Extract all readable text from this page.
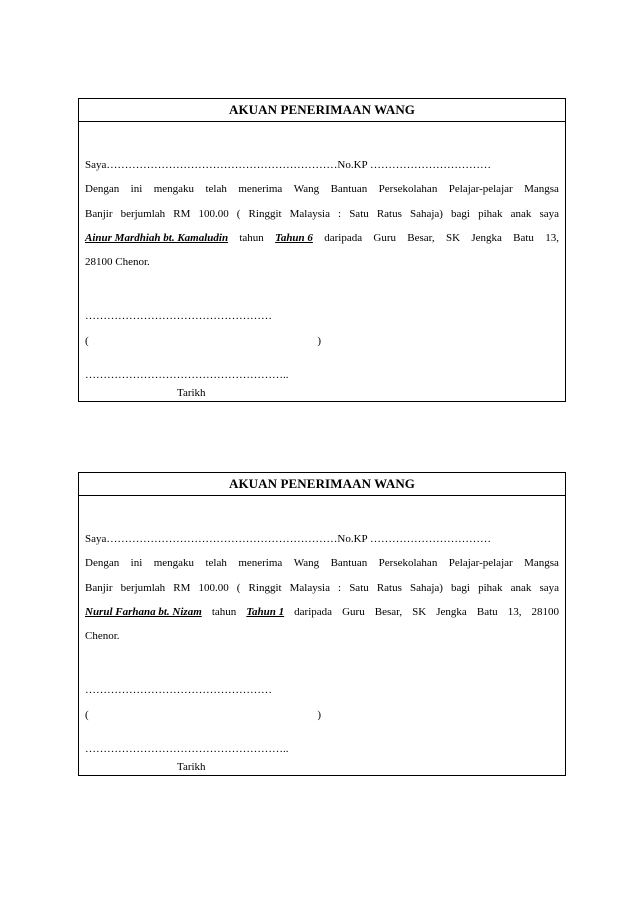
AKUAN PENERIMAAN WANG
Saya………………………………………………………No.KP ……………………………
Dengan ini mengaku telah menerima Wang Bantuan Persekolahan Pelajar-pelajar Mangsa
Banjir berjumlah RM 100.00 ( Ringgit Malaysia : Satu Ratus Sahaja) bagi pihak anak saya
Ainur Mardhiah bt. Kamaludin tahun Tahun 6 daripada Guru Besar, SK Jengka Batu 13,
28100 Chenor.
……………………………………………
(	)
………………………………………………..
Tarikh
AKUAN PENERIMAAN WANG
Saya………………………………………………………No.KP ……………………………
Dengan ini mengaku telah menerima Wang Bantuan Persekolahan Pelajar-pelajar Mangsa
Banjir berjumlah RM 100.00 ( Ringgit Malaysia : Satu Ratus Sahaja) bagi pihak anak saya
Nurul Farhana bt. Nizam tahun Tahun 1 daripada Guru Besar, SK Jengka Batu 13, 28100
Chenor.
……………………………………………
(	)
………………………………………………..
Tarikh
